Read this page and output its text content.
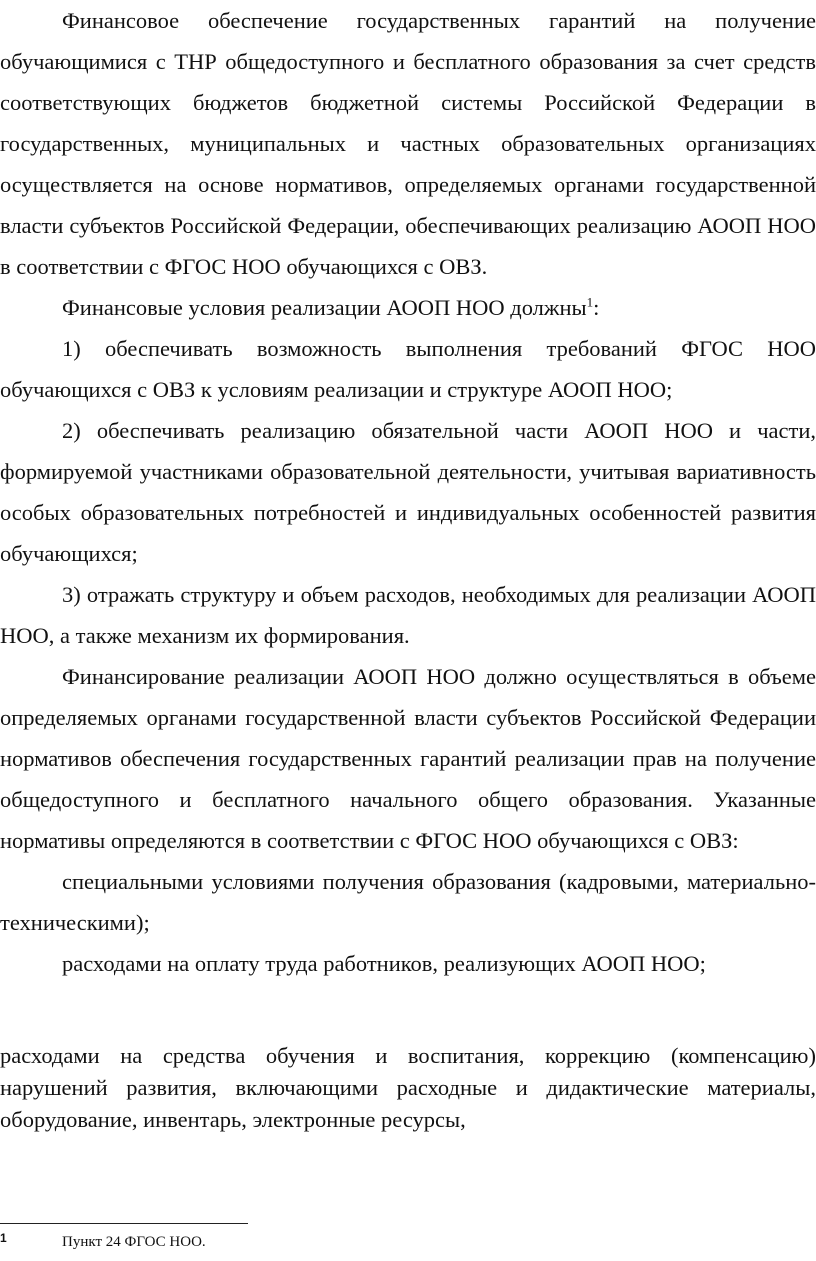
Финансовое обеспечение государственных гарантий на получение обучающимися с ТНР общедоступного и бесплатного образования за счет средств соответствующих бюджетов бюджетной системы Российской Федерации в государственных, муниципальных и частных образовательных организациях осуществляется на основе нормативов, определяемых органами государственной власти субъектов Российской Федерации, обеспечивающих реализацию АООП НОО в соответствии с ФГОС НОО обучающихся с ОВЗ.

Финансовые условия реализации АООП НОО должны$^1$:

1) обеспечивать возможность выполнения требований ФГОС НОО обучающихся с ОВЗ к условиям реализации и структуре АООП НОО;

2) обеспечивать реализацию обязательной части АООП НОО и части, формируемой участниками образовательной деятельности, учитывая вариативность особых образовательных потребностей и индивидуальных особенностей развития обучающихся;

3) отражать структуру и объем расходов, необходимых для реализации АООП НОО, а также механизм их формирования.

Финансирование реализации АООП НОО должно осуществляться в объеме определяемых органами государственной власти субъектов Российской Федерации нормативов обеспечения государственных гарантий реализации прав на получение общедоступного и бесплатного начального общего образования. Указанные нормативы определяются в соответствии с ФГОС НОО обучающихся с ОВЗ:

специальными условиями получения образования (кадровыми, материально-техническими);

расходами на оплату труда работников, реализующих АООП НОО;

расходами на средства обучения и воспитания, коррекцию (компенсацию) нарушений развития, включающими расходные и дидактические материалы, оборудование, инвентарь, электронные ресурсы,
1	Пункт 24 ФГОС НОО.
